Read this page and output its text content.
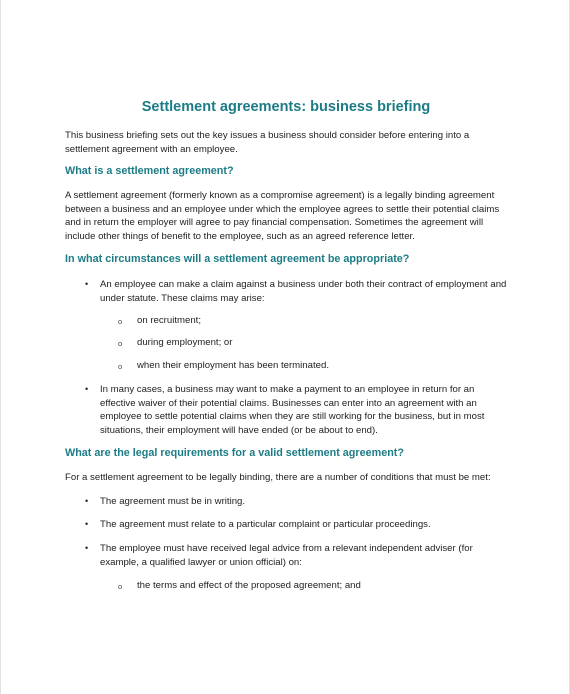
Settlement agreements: business briefing

This business briefing sets out the key issues a business should consider before entering into a settlement agreement with an employee.

What is a settlement agreement?

A settlement agreement (formerly known as a compromise agreement) is a legally binding agreement between a business and an employee under which the employee agrees to settle their potential claims and in return the employer will agree to pay financial compensation. Sometimes the agreement will include other things of benefit to the employee, such as an agreed reference letter.

In what circumstances will a settlement agreement be appropriate?
• An employee can make a claim against a business under both their contract of employment and under statute. These claims may arise:

o on recruitment;

o during employment; or

o when their employment has been terminated.

• In many cases, a business may want to make a payment to an employee in return for an effective waiver of their potential claims. Businesses can enter into an agreement with an employee to settle potential claims when they are still working for the business, but in most situations, their employment will have ended (or be about to end).

What are the legal requirements for a valid settlement agreement?

For a settlement agreement to be legally binding, there are a number of conditions that must be met:

• The agreement must be in writing.

• The agreement must relate to a particular complaint or particular proceedings.

• The employee must have received legal advice from a relevant independent adviser (for example, a qualified lawyer or union official) on:

o the terms and effect of the proposed agreement; and
